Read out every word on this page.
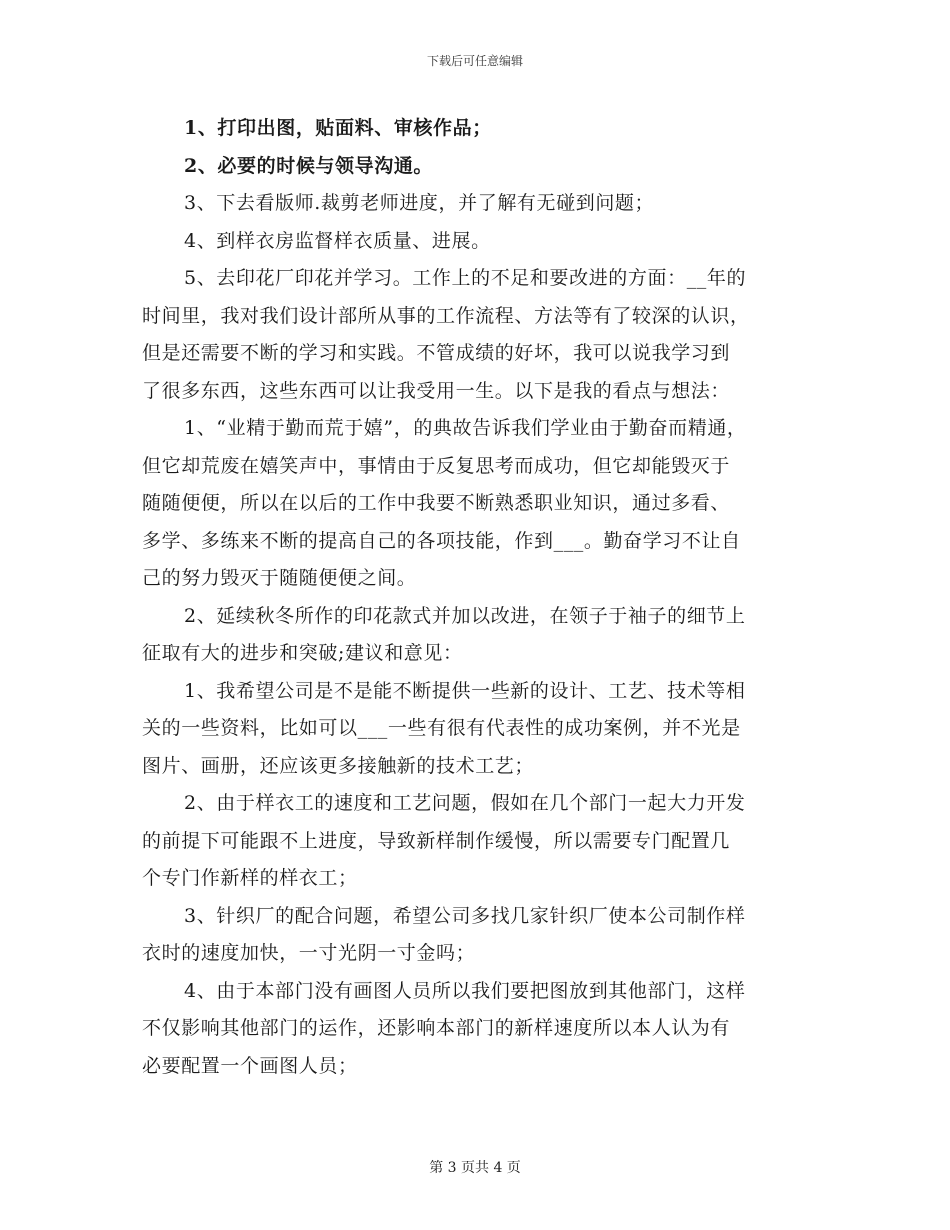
下载后可任意编辑
1、打印出图，贴面料、审核作品；
2、必要的时候与领导沟通。
3、下去看版师.裁剪老师进度，并了解有无碰到问题；
4、到样衣房监督样衣质量、进展。
5、去印花厂印花并学习。工作上的不足和要改进的方面：__年的
时间里，我对我们设计部所从事的工作流程、方法等有了较深的认识，
但是还需要不断的学习和实践。不管成绩的好坏，我可以说我学习到
了很多东西，这些东西可以让我受用一生。以下是我的看点与想法：
1、“业精于勤而荒于嬉”，的典故告诉我们学业由于勤奋而精通，
但它却荒废在嬉笑声中，事情由于反复思考而成功，但它却能毁灭于
随随便便，所以在以后的工作中我要不断熟悉职业知识，通过多看、
多学、多练来不断的提高自己的各项技能，作到___。勤奋学习不让自
己的努力毁灭于随随便便之间。
2、延续秋冬所作的印花款式并加以改进，在领子于袖子的细节上
征取有大的进步和突破;建议和意见：
1、我希望公司是不是能不断提供一些新的设计、工艺、技术等相
关的一些资料，比如可以___一些有很有代表性的成功案例，并不光是
图片、画册，还应该更多接触新的技术工艺；
2、由于样衣工的速度和工艺问题，假如在几个部门一起大力开发
的前提下可能跟不上进度，导致新样制作缓慢，所以需要专门配置几
个专门作新样的样衣工；
3、针织厂的配合问题，希望公司多找几家针织厂使本公司制作样
衣时的速度加快，一寸光阴一寸金吗；
4、由于本部门没有画图人员所以我们要把图放到其他部门，这样
不仅影响其他部门的运作，还影响本部门的新样速度所以本人认为有
必要配置一个画图人员；
第 3 页共 4 页
